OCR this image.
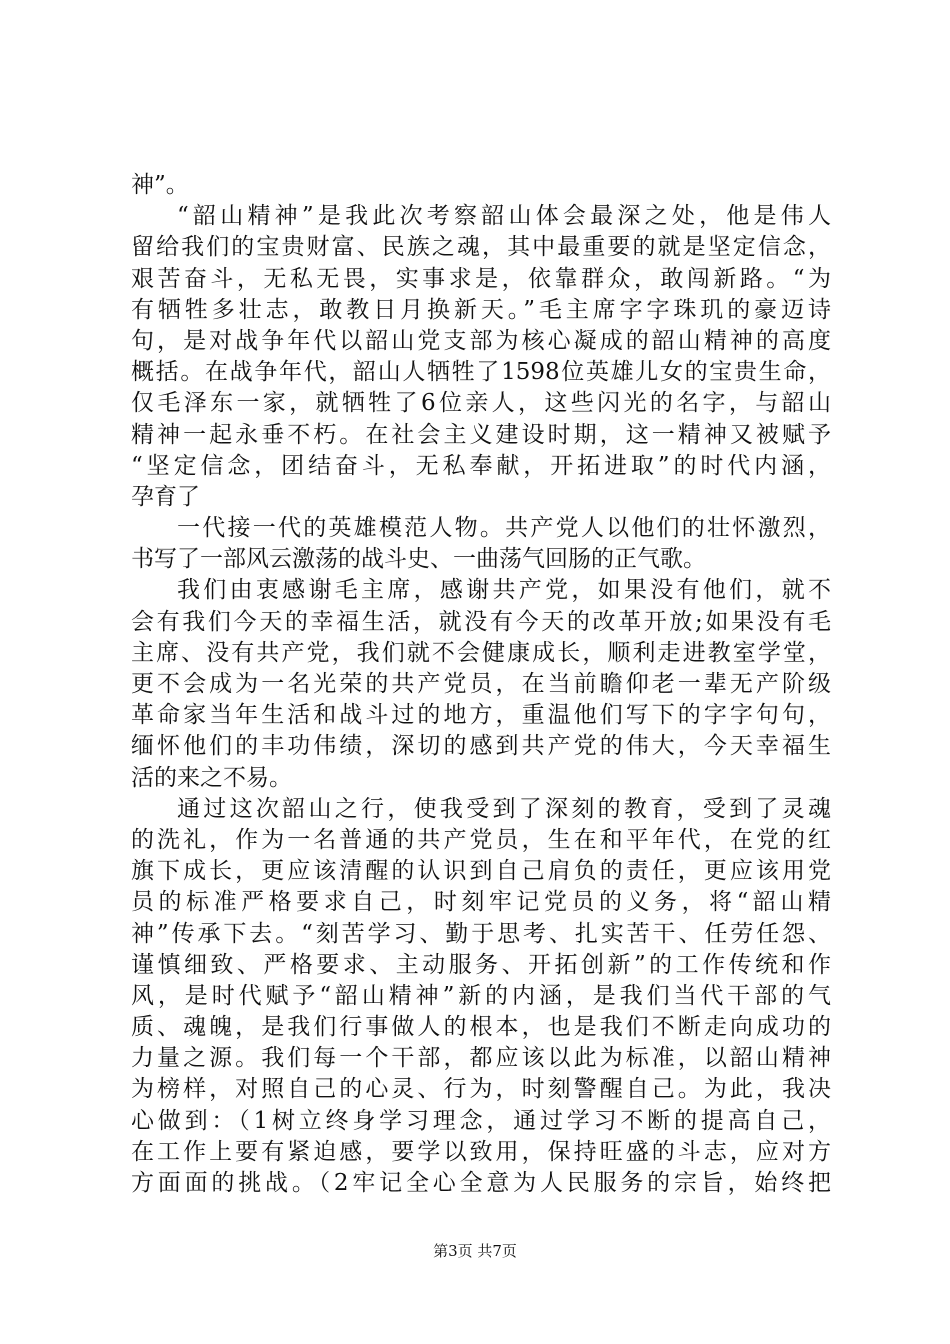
神”。
“韶山精神”是我此次考察韶山体会最深之处，他是伟人
留给我们的宝贵财富、民族之魂，其中最重要的就是坚定信念，
艰苦奋斗，无私无畏，实事求是，依靠群众，敢闯新路。“为
有牺牲多壮志，敢教日月换新天。”毛主席字字珠玑的豪迈诗
句，是对战争年代以韶山党支部为核心凝成的韶山精神的高度
概括。在战争年代，韶山人牺牲了1598位英雄儿女的宝贵生命，
仅毛泽东一家，就牺牲了6位亲人，这些闪光的名字，与韶山
精神一起永垂不朽。在社会主义建设时期，这一精神又被赋予
“坚定信念，团结奋斗，无私奉献，开拓进取”的时代内涵，
孕育了
一代接一代的英雄模范人物。共产党人以他们的壮怀激烈，
书写了一部风云激荡的战斗史、一曲荡气回肠的正气歌。
我们由衷感谢毛主席，感谢共产党，如果没有他们，就不
会有我们今天的幸福生活，就没有今天的改革开放;如果没有毛
主席、没有共产党，我们就不会健康成长，顺利走进教室学堂，
更不会成为一名光荣的共产党员，在当前瞻仰老一辈无产阶级
革命家当年生活和战斗过的地方，重温他们写下的字字句句，
缅怀他们的丰功伟绩，深切的感到共产党的伟大，今天幸福生
活的来之不易。
通过这次韶山之行，使我受到了深刻的教育，受到了灵魂
的洗礼，作为一名普通的共产党员，生在和平年代，在党的红
旗下成长，更应该清醒的认识到自己肩负的责任，更应该用党
员的标准严格要求自己，时刻牢记党员的义务，将“韶山精
神”传承下去。“刻苦学习、勤于思考、扎实苦干、任劳任怨、
谨慎细致、严格要求、主动服务、开拓创新”的工作传统和作
风，是时代赋予“韶山精神”新的内涵，是我们当代干部的气
质、魂魄，是我们行事做人的根本，也是我们不断走向成功的
力量之源。我们每一个干部，都应该以此为标准，以韶山精神
为榜样，对照自己的心灵、行为，时刻警醒自己。为此，我决
心做到：（1树立终身学习理念，通过学习不断的提高自己，
在工作上要有紧迫感，要学以致用，保持旺盛的斗志，应对方
方面面的挑战。（2牢记全心全意为人民服务的宗旨，始终把
第3页 共7页
